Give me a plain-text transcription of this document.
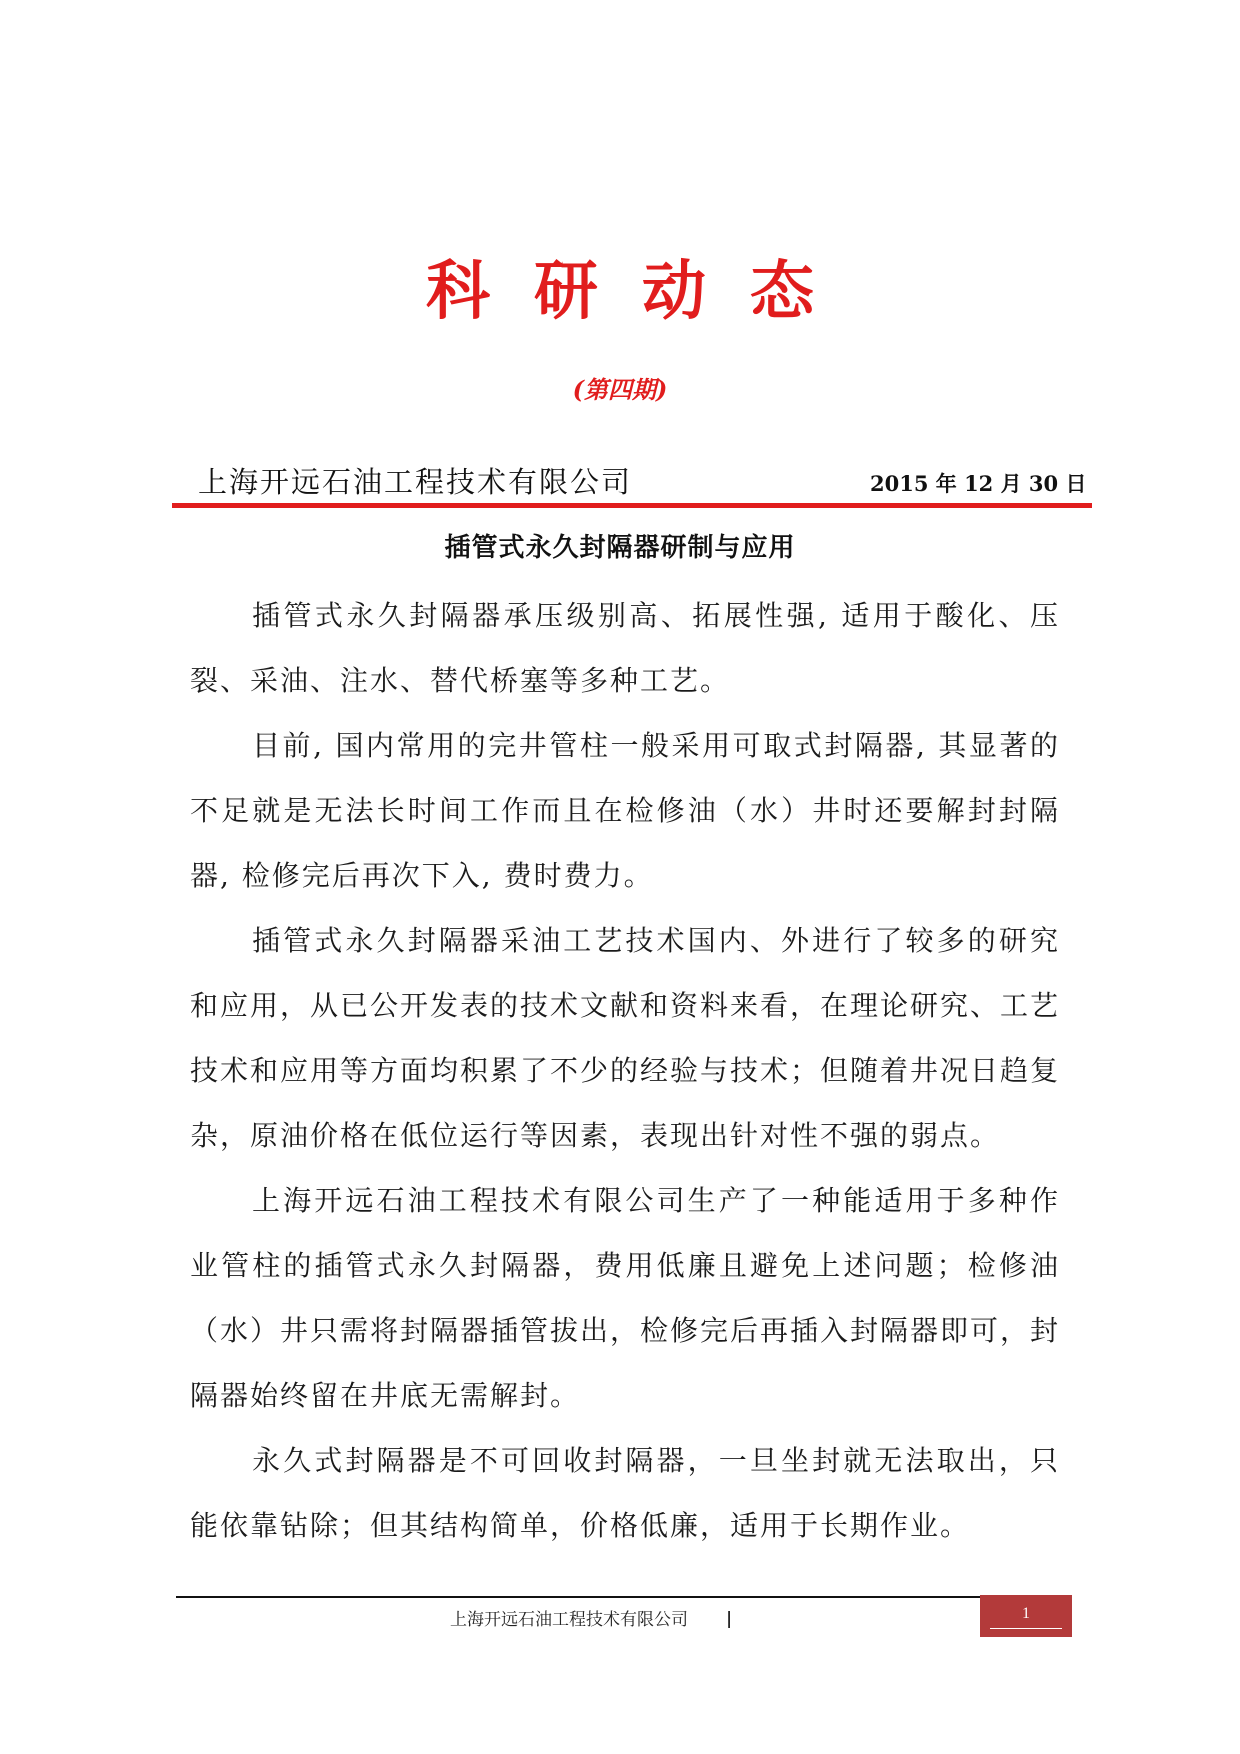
科研动态
(第四期)
上海开远石油工程技术有限公司	2015 年 12 月 30 日
插管式永久封隔器研制与应用

插管式永久封隔器承压级别高、拓展性强, 适用于酸化、压裂、采油、注水、替代桥塞等多种工艺。

目前, 国内常用的完井管柱一般采用可取式封隔器, 其显著的不足就是无法长时间工作而且在检修油（水）井时还要解封封隔器, 检修完后再次下入, 费时费力。

插管式永久封隔器采油工艺技术国内、外进行了较多的研究和应用，从已公开发表的技术文献和资料来看，在理论研究、工艺技术和应用等方面均积累了不少的经验与技术；但随着井况日趋复杂，原油价格在低位运行等因素，表现出针对性不强的弱点。

上海开远石油工程技术有限公司生产了一种能适用于多种作业管柱的插管式永久封隔器，费用低廉且避免上述问题；检修油（水）井只需将封隔器插管拔出，检修完后再插入封隔器即可，封隔器始终留在井底无需解封。

永久式封隔器是不可回收封隔器，一旦坐封就无法取出，只能依靠钻除；但其结构简单，价格低廉，适用于长期作业。

上海开远石油工程技术有限公司 |	1
